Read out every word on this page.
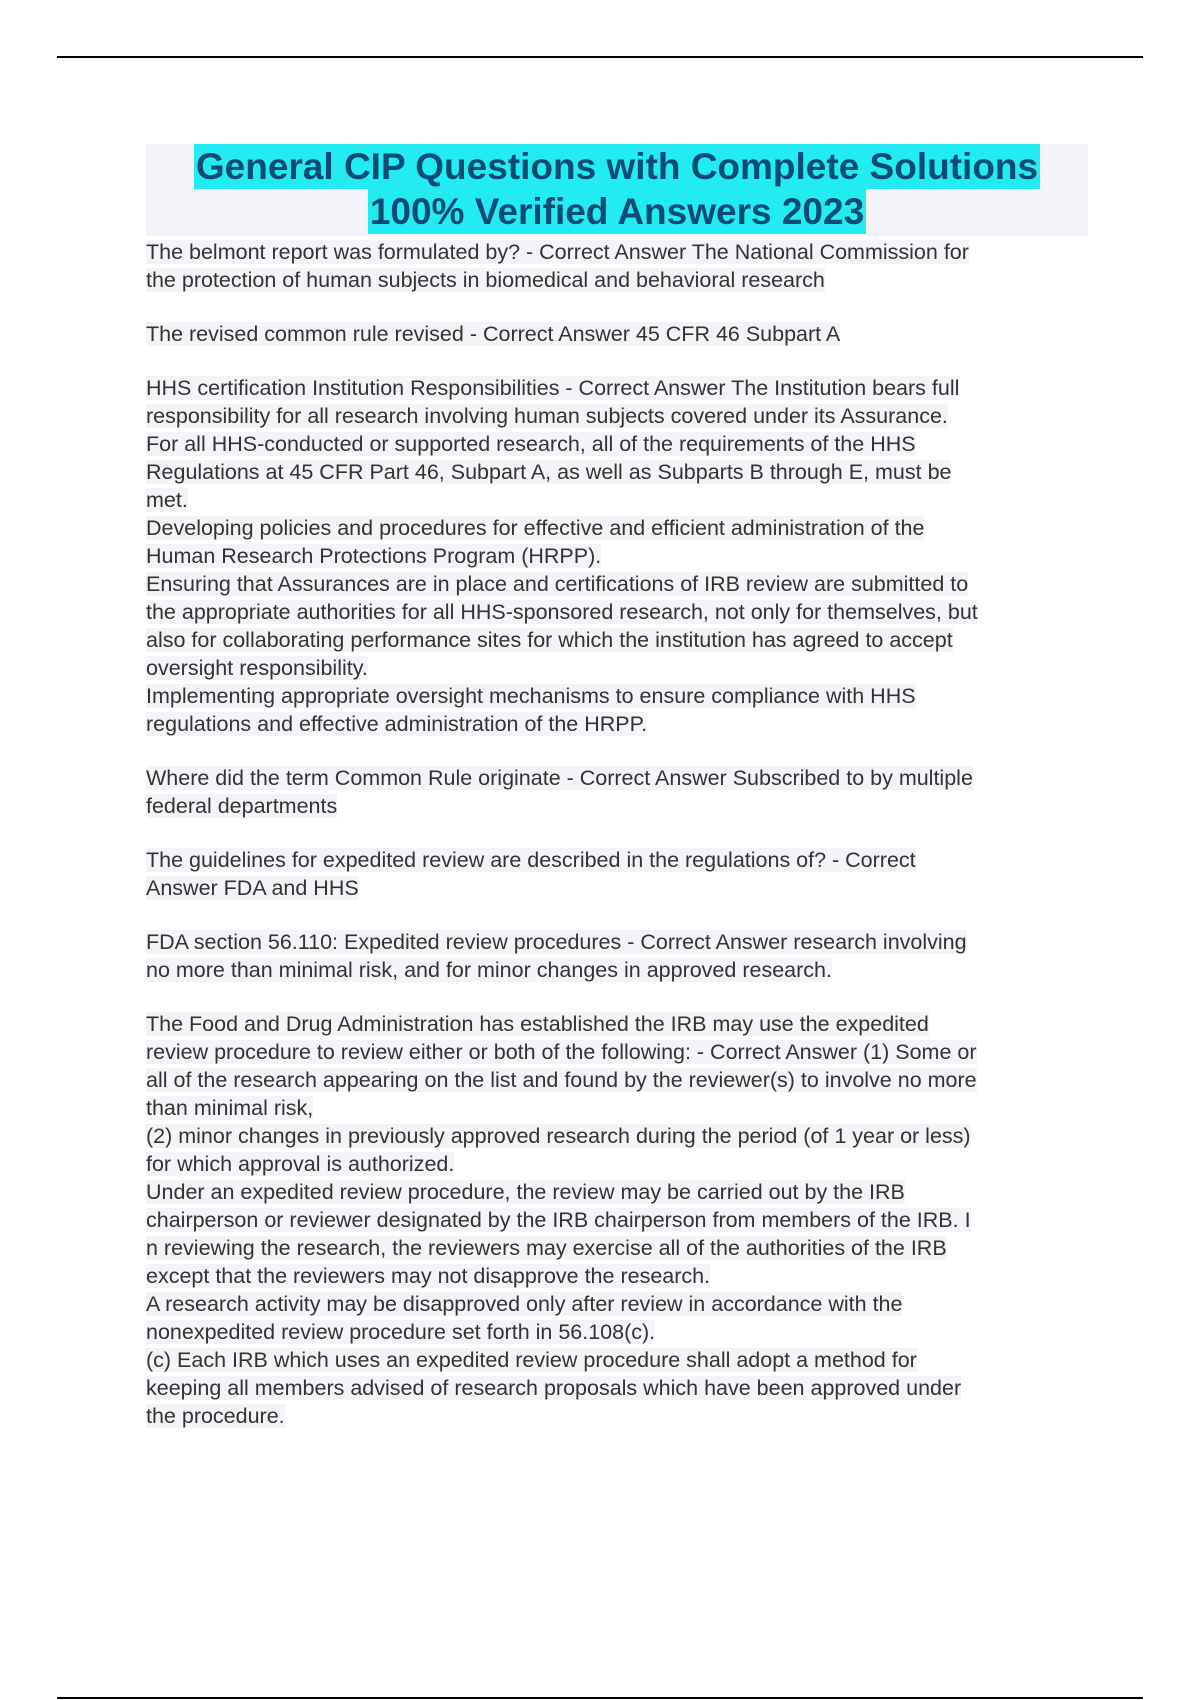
General CIP Questions with Complete Solutions
100% Verified Answers 2023
The belmont report was formulated by? - Correct Answer The National Commission for
the protection of human subjects in biomedical and behavioral research
The revised common rule revised - Correct Answer 45 CFR 46 Subpart A
HHS certification Institution Responsibilities - Correct Answer The Institution bears full
responsibility for all research involving human subjects covered under its Assurance.
For all HHS-conducted or supported research, all of the requirements of the HHS
Regulations at 45 CFR Part 46, Subpart A, as well as Subparts B through E, must be
met.
Developing policies and procedures for effective and efficient administration of the
Human Research Protections Program (HRPP).
Ensuring that Assurances are in place and certifications of IRB review are submitted to
the appropriate authorities for all HHS-sponsored research, not only for themselves, but
also for collaborating performance sites for which the institution has agreed to accept
oversight responsibility.
Implementing appropriate oversight mechanisms to ensure compliance with HHS
regulations and effective administration of the HRPP.
Where did the term Common Rule originate - Correct Answer Subscribed to by multiple
federal departments
The guidelines for expedited review are described in the regulations of? - Correct
Answer FDA and HHS
FDA section 56.110: Expedited review procedures - Correct Answer research involving
no more than minimal risk, and for minor changes in approved research.
The Food and Drug Administration has established the IRB may use the expedited
review procedure to review either or both of the following: - Correct Answer (1) Some or
all of the research appearing on the list and found by the reviewer(s) to involve no more
than minimal risk,
(2) minor changes in previously approved research during the period (of 1 year or less)
for which approval is authorized.
Under an expedited review procedure, the review may be carried out by the IRB
chairperson or reviewer designated by the IRB chairperson from members of the IRB. I
n reviewing the research, the reviewers may exercise all of the authorities of the IRB
except that the reviewers may not disapprove the research.
A research activity may be disapproved only after review in accordance with the
nonexpedited review procedure set forth in 56.108(c).
(c) Each IRB which uses an expedited review procedure shall adopt a method for
keeping all members advised of research proposals which have been approved under
the procedure.
